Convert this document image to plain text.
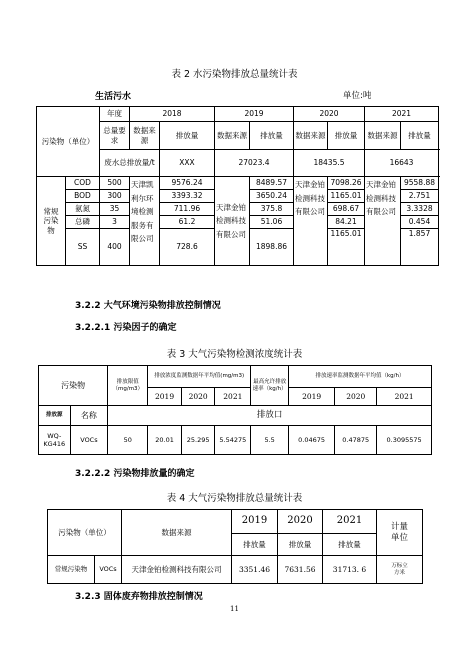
表 2 水污染物排放总量统计表
生活污水	单位:吨
污染物（单位）		年度	2018		2019		2020		2021		
		总量要求	数据来源	排放量	数据来源	排放量	数据来源	排放量	数据来源	排放量	
		废水总排放量/t		XXX	27023.4		18435.5		16643	
常规污染物	COD	500	天津凯利尔环境检测服务有限公司	9576.24	天津金铂检测科技有限公司	8489.57	天津金铂检测科技有限公司	7098.26	天津金铂检测科技有限公司	9558.88	
	BOD	300		3393.32		3650.24		1165.01		2.751	
	氨氮	35		711.96		375.8		698.67		3.3328	
	总磷	3		61.2		51.06		84.21		0.454	
	SS	400		728.6		1898.86		1165.01		1.857	
3.2.2 大气环境污染物排放控制情况
3.2.2.1 污染因子的确定
表 3 大气污染物检测浓度统计表
污染物		排放限值（mg/m3）	排放浓度监测数据年平均值(mg/m3)			最高允许排放速率（kg/h）	排放速率监测数据年平均值（kg/h）		
			2019	2020	2021		2019	2020	2021
排放源	名称	排放口							
WQ-KG416	VOCs	50	20.01	25.295	5.54275	5.5	0.04675	0.47875	0.3095575
3.2.2.2 污染物排放量的确定
表 4 大气污染物排放总量统计表
污染物（单位）		数据来源	2019	2020	2021	计量单位
			排放量	排放量	排放量	
常规污染物	VOCs	天津金铂检测科技有限公司	3351.46	7631.56	31713. 6	万标立方米
3.2.3 固体废弃物排放控制情况
11
